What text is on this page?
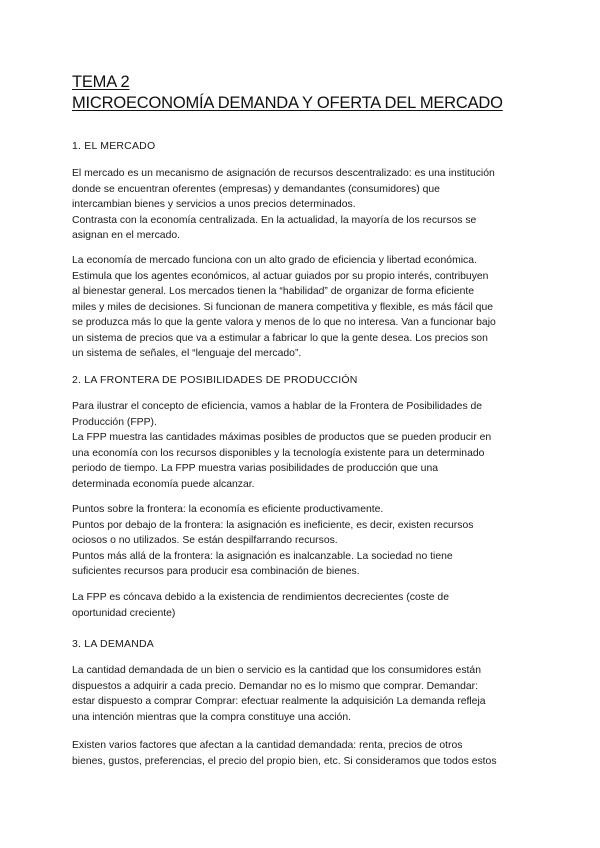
TEMA 2
MICROECONOMÍA DEMANDA Y OFERTA DEL MERCADO
1. EL MERCADO

El mercado es un mecanismo de asignación de recursos descentralizado: es una institución
donde se encuentran oferentes (empresas) y demandantes (consumidores) que
intercambian bienes y servicios a unos precios determinados.
Contrasta con la economía centralizada. En la actualidad, la mayoría de los recursos se
asignan en el mercado.

La economía de mercado funciona con un alto grado de eficiencia y libertad económica.
Estimula que los agentes económicos, al actuar guiados por su propio interés, contribuyen
al bienestar general. Los mercados tienen la “habilidad” de organizar de forma eficiente
miles y miles de decisiones. Si funcionan de manera competitiva y flexible, es más fácil que
se produzca más lo que la gente valora y menos de lo que no interesa. Van a funcionar bajo
un sistema de precios que va a estimular a fabricar lo que la gente desea. Los precios son
un sistema de señales, el “lenguaje del mercado”.

2. LA FRONTERA DE POSIBILIDADES DE PRODUCCIÓN

Para ilustrar el concepto de eficiencia, vamos a hablar de la Frontera de Posibilidades de
Producción (FPP).
La FPP muestra las cantidades máximas posibles de productos que se pueden producir en
una economía con los recursos disponibles y la tecnología existente para un determinado
periodo de tiempo. La FPP muestra varias posibilidades de producción que una
determinada economía puede alcanzar.

Puntos sobre la frontera: la economía es eficiente productivamente.
Puntos por debajo de la frontera: la asignación es ineficiente, es decir, existen recursos
ociosos o no utilizados. Se están despilfarrando recursos.
Puntos más allá de la frontera: la asignación es inalcanzable. La sociedad no tiene
suficientes recursos para producir esa combinación de bienes.

La FPP es cóncava debido a la existencia de rendimientos decrecientes (coste de
oportunidad creciente)

3. LA DEMANDA

La cantidad demandada de un bien o servicio es la cantidad que los consumidores están
dispuestos a adquirir a cada precio. Demandar no es lo mismo que comprar. Demandar:
estar dispuesto a comprar Comprar: efectuar realmente la adquisición La demanda refleja
una intención mientras que la compra constituye una acción.

Existen varios factores que afectan a la cantidad demandada: renta, precios de otros
bienes, gustos, preferencias, el precio del propio bien, etc. Si consideramos que todos estos
